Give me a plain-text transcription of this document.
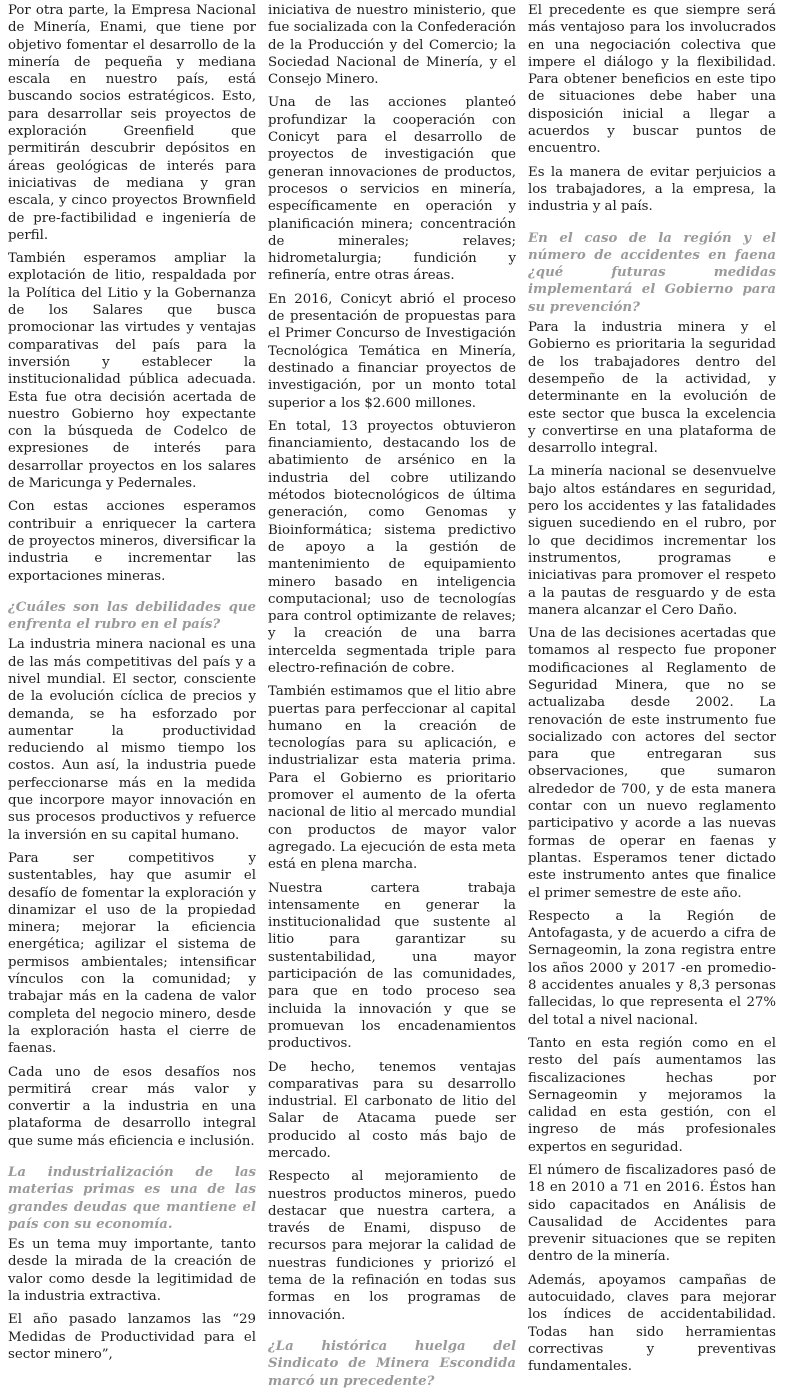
Por otra parte, la Empresa Nacional de Minería, Enami, que tiene por objetivo fomentar el desarrollo de la minería de pequeña y mediana escala en nuestro país, está buscando socios estratégicos. Esto, para desarrollar seis proyectos de exploración Greenfield que permitirán descubrir depósitos en áreas geológicas de interés para iniciativas de mediana y gran escala, y cinco proyectos Brownfield de pre-factibilidad e ingeniería de perfil.

También esperamos ampliar la explotación de litio, respaldada por la Política del Litio y la Gobernanza de los Salares que busca promocionar las virtudes y ventajas comparativas del país para la inversión y establecer la institucionalidad pública adecuada. Esta fue otra decisión acertada de nuestro Gobierno hoy expectante con la búsqueda de Codelco de expresiones de interés para desarrollar proyectos en los salares de Maricunga y Pedernales.

Con estas acciones esperamos contribuir a enriquecer la cartera de proyectos mineros, diversificar la industria e incrementar las exportaciones mineras.

¿Cuáles son las debilidades que enfrenta el rubro en el país?

La industria minera nacional es una de las más competitivas del país y a nivel mundial. El sector, consciente de la evolución cíclica de precios y demanda, se ha esforzado por aumentar la productividad reduciendo al mismo tiempo los costos. Aun así, la industria puede perfeccionarse más en la medida que incorpore mayor innovación en sus procesos productivos y refuerce la inversión en su capital humano.

Para ser competitivos y sustentables, hay que asumir el desafío de fomentar la exploración y dinamizar el uso de la propiedad minera; mejorar la eficiencia energética; agilizar el sistema de permisos ambientales; intensificar vínculos con la comunidad; y trabajar más en la cadena de valor completa del negocio minero, desde la exploración hasta el cierre de faenas.

Cada uno de esos desafíos nos permitirá crear más valor y convertir a la industria en una plataforma de desarrollo integral que sume más eficiencia e inclusión.

La industrialización de las materias primas es una de las grandes deudas que mantiene el país con su economía.

Es un tema muy importante, tanto desde la mirada de la creación de valor como desde la legitimidad de la industria extractiva.

El año pasado lanzamos las “29 Medidas de Productividad para el sector minero”,

iniciativa de nuestro ministerio, que fue socializada con la Confederación de la Producción y del Comercio; la Sociedad Nacional de Minería, y el Consejo Minero.

Una de las acciones planteó profundizar la cooperación con Conicyt para el desarrollo de proyectos de investigación que generan innovaciones de productos, procesos o servicios en minería, específicamente en operación y planificación minera; concentración de minerales; relaves; hidrometalurgia; fundición y refinería, entre otras áreas.

En 2016, Conicyt abrió el proceso de presentación de propuestas para el Primer Concurso de Investigación Tecnológica Temática en Minería, destinado a financiar proyectos de investigación, por un monto total superior a los $2.600 millones.

En total, 13 proyectos obtuvieron financiamiento, destacando los de abatimiento de arsénico en la industria del cobre utilizando métodos biotecnológicos de última generación, como Genomas y Bioinformática; sistema predictivo de apoyo a la gestión de mantenimiento de equipamiento minero basado en inteligencia computacional; uso de tecnologías para control optimizante de relaves; y la creación de una barra intercelda segmentada triple para electro-refinación de cobre.

También estimamos que el litio abre puertas para perfeccionar al capital humano en la creación de tecnologías para su aplicación, e industrializar esta materia prima. Para el Gobierno es prioritario promover el aumento de la oferta nacional de litio al mercado mundial con productos de mayor valor agregado. La ejecución de esta meta está en plena marcha.

Nuestra cartera trabaja intensamente en generar la institucionalidad que sustente al litio para garantizar su sustentabilidad, una mayor participación de las comunidades, para que en todo proceso sea incluida la innovación y que se promuevan los encadenamientos productivos.

De hecho, tenemos ventajas comparativas para su desarrollo industrial. El carbonato de litio del Salar de Atacama puede ser producido al costo más bajo de mercado.

Respecto al mejoramiento de nuestros productos mineros, puedo destacar que nuestra cartera, a través de Enami, dispuso de recursos para mejorar la calidad de nuestras fundiciones y priorizó el tema de la refinación en todas sus formas en los programas de innovación.

¿La histórica huelga del Sindicato de Minera Escondida marcó un precedente?

El precedente es que siempre será más ventajoso para los involucrados en una negociación colectiva que impere el diálogo y la flexibilidad. Para obtener beneficios en este tipo de situaciones debe haber una disposición inicial a llegar a acuerdos y buscar puntos de encuentro.

Es la manera de evitar perjuicios a los trabajadores, a la empresa, la industria y al país.

En el caso de la región y el número de accidentes en faena ¿qué futuras medidas implementará el Gobierno para su prevención?

Para la industria minera y el Gobierno es prioritaria la seguridad de los trabajadores dentro del desempeño de la actividad, y determinante en la evolución de este sector que busca la excelencia y convertirse en una plataforma de desarrollo integral.

La minería nacional se desenvuelve bajo altos estándares en seguridad, pero los accidentes y las fatalidades siguen sucediendo en el rubro, por lo que decidimos incrementar los instrumentos, programas e iniciativas para promover el respeto a la pautas de resguardo y de esta manera alcanzar el Cero Daño.

Una de las decisiones acertadas que tomamos al respecto fue proponer modificaciones al Reglamento de Seguridad Minera, que no se actualizaba desde 2002. La renovación de este instrumento fue socializado con actores del sector para que entregaran sus observaciones, que sumaron alrededor de 700, y de esta manera contar con un nuevo reglamento participativo y acorde a las nuevas formas de operar en faenas y plantas. Esperamos tener dictado este instrumento antes que finalice el primer semestre de este año.

Respecto a la Región de Antofagasta, y de acuerdo a cifra de Sernageomin, la zona registra entre los años 2000 y 2017 -en promedio- 8 accidentes anuales y 8,3 personas fallecidas, lo que representa el 27% del total a nivel nacional.

Tanto en esta región como en el resto del país aumentamos las fiscalizaciones hechas por Sernageomin y mejoramos la calidad en esta gestión, con el ingreso de más profesionales expertos en seguridad.

El número de fiscalizadores pasó de 18 en 2010 a 71 en 2016. Éstos han sido capacitados en Análisis de Causalidad de Accidentes para prevenir situaciones que se repiten dentro de la minería.

Además, apoyamos campañas de autocuidado, claves para mejorar los índices de accidentabilidad. Todas han sido herramientas correctivas y preventivas fundamentales.
